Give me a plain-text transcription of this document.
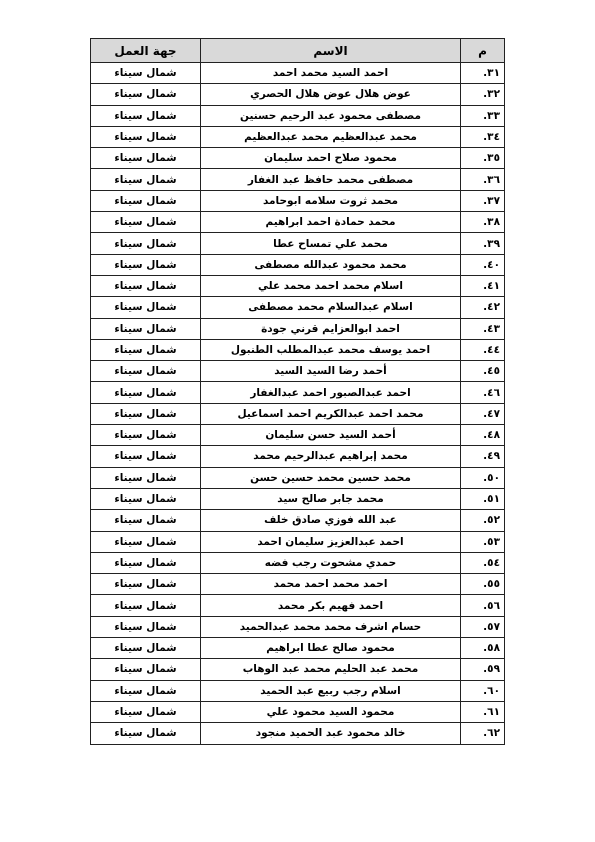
م	الاسم	جهة العمل
٣١.	احمد السيد محمد احمد	شمال سيناء
٣٢.	عوض هلال عوض هلال الحصري	شمال سيناء
٣٣.	مصطفى محمود عبد الرحيم حسنين	شمال سيناء
٣٤.	محمد عبدالعظيم محمد عبدالعظيم	شمال سيناء
٣٥.	محمود صلاح احمد سليمان	شمال سيناء
٣٦.	مصطفى محمد حافظ عبد الغفار	شمال سيناء
٣٧.	محمد ثروت سلامه ابوحامد	شمال سيناء
٣٨.	محمد حمادة احمد ابراهيم	شمال سيناء
٣٩.	محمد علي تمساح عطا	شمال سيناء
٤٠.	محمد محمود عبدالله مصطفى	شمال سيناء
٤١.	اسلام محمد احمد محمد علي	شمال سيناء
٤٢.	اسلام عبدالسلام محمد مصطفى	شمال سيناء
٤٣.	احمد ابوالعزايم قرني جودة	شمال سيناء
٤٤.	احمد يوسف محمد عبدالمطلب الطنبول	شمال سيناء
٤٥.	أحمد رضا السيد السيد	شمال سيناء
٤٦.	احمد عبدالصبور احمد عبدالغفار	شمال سيناء
٤٧.	محمد احمد عبدالكريم احمد اسماعيل	شمال سيناء
٤٨.	أحمد السيد حسن سليمان	شمال سيناء
٤٩.	محمد إبراهيم عبدالرحيم محمد	شمال سيناء
٥٠.	محمد حسين محمد حسين حسن	شمال سيناء
٥١.	محمد جابر صالح سيد	شمال سيناء
٥٢.	عبد الله فوزي صادق خلف	شمال سيناء
٥٣.	احمد عبدالعزيز سليمان احمد	شمال سيناء
٥٤.	حمدي مشحوت رجب فضه	شمال سيناء
٥٥.	احمد محمد احمد محمد	شمال سيناء
٥٦.	احمد فهيم بكر محمد	شمال سيناء
٥٧.	حسام اشرف محمد محمد عبدالحميد	شمال سيناء
٥٨.	محمود صالح عطا ابراهيم	شمال سيناء
٥٩.	محمد عبد الحليم محمد عبد الوهاب	شمال سيناء
٦٠.	اسلام رجب ربيع عبد الحميد	شمال سيناء
٦١.	محمود السيد محمود علي	شمال سيناء
٦٢.	خالد محمود عبد الحميد منجود	شمال سيناء
